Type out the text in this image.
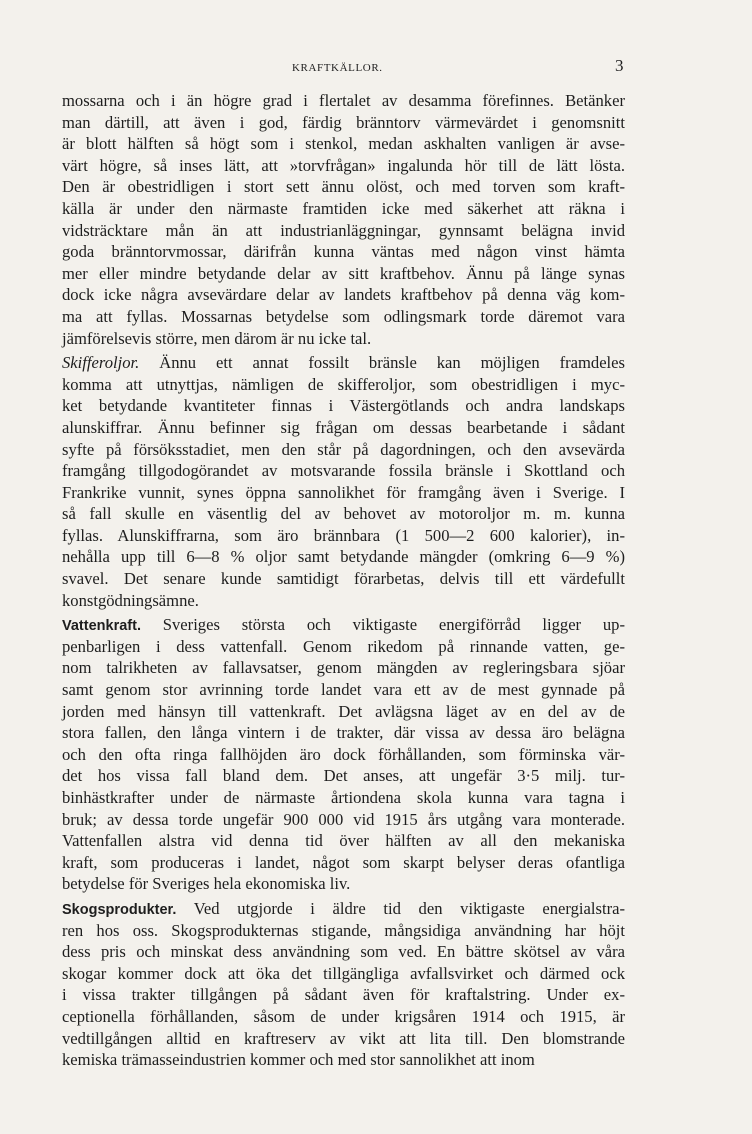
KRAFTKÄLLOR.	3
mossarna och i än högre grad i flertalet av desamma förefinnes. Betänker
man därtill, att även i god, färdig bränntorv värmevärdet i genomsnitt
är blott hälften så högt som i stenkol, medan askhalten vanligen är avse-
värt högre, så inses lätt, att »torvfrågan» ingalunda hör till de lätt lösta.
Den är obestridligen i stort sett ännu olöst, och med torven som kraft-
källa är under den närmaste framtiden icke med säkerhet att räkna i
vidsträcktare mån än att industrianläggningar, gynnsamt belägna invid
goda bränntorvmossar, därifrån kunna väntas med någon vinst hämta
mer eller mindre betydande delar av sitt kraftbehov. Ännu på länge synas
dock icke några avsevärdare delar av landets kraftbehov på denna väg kom-
ma att fyllas. Mossarnas betydelse som odlingsmark torde däremot vara
jämförelsevis större, men därom är nu icke tal.
Skifferoljor. Ännu ett annat fossilt bränsle kan möjligen framdeles
komma att utnyttjas, nämligen de skifferoljor, som obestridligen i myc-
ket betydande kvantiteter finnas i Västergötlands och andra landskaps
alunskiffrar. Ännu befinner sig frågan om dessas bearbetande i sådant
syfte på försöksstadiet, men den står på dagordningen, och den avsevärda
framgång tillgodogörandet av motsvarande fossila bränsle i Skottland och
Frankrike vunnit, synes öppna sannolikhet för framgång även i Sverige. I
så fall skulle en väsentlig del av behovet av motoroljor m. m. kunna
fyllas. Alunskiffrarna, som äro brännbara (1 500—2 600 kalorier), in-
nehålla upp till 6—8 % oljor samt betydande mängder (omkring 6—9 %)
svavel. Det senare kunde samtidigt förarbetas, delvis till ett värdefullt
konstgödningsämne.
Vattenkraft. Sveriges största och viktigaste energiförråd ligger up-
penbarligen i dess vattenfall. Genom rikedom på rinnande vatten, ge-
nom talrikheten av fallavsatser, genom mängden av regleringsbara sjöar
samt genom stor avrinning torde landet vara ett av de mest gynnade på
jorden med hänsyn till vattenkraft. Det avlägsna läget av en del av de
stora fallen, den långa vintern i de trakter, där vissa av dessa äro belägna
och den ofta ringa fallhöjden äro dock förhållanden, som förminska vär-
det hos vissa fall bland dem. Det anses, att ungefär 3·5 milj. tur-
binhästkrafter under de närmaste årtiondena skola kunna vara tagna i
bruk; av dessa torde ungefär 900 000 vid 1915 års utgång vara monterade.
Vattenfallen alstra vid denna tid över hälften av all den mekaniska
kraft, som produceras i landet, något som skarpt belyser deras ofantliga
betydelse för Sveriges hela ekonomiska liv.
Skogsprodukter. Ved utgjorde i äldre tid den viktigaste energialstra-
ren hos oss. Skogsprodukternas stigande, mångsidiga användning har höjt
dess pris och minskat dess användning som ved. En bättre skötsel av våra
skogar kommer dock att öka det tillgängliga avfallsvirket och därmed ock
i vissa trakter tillgången på sådant även för kraftalstring. Under ex-
ceptionella förhållanden, såsom de under krigsåren 1914 och 1915, är
vedtillgången alltid en kraftreserv av vikt att lita till. Den blomstrande
kemiska trämasseindustrien kommer och med stor sannolikhet att inom
